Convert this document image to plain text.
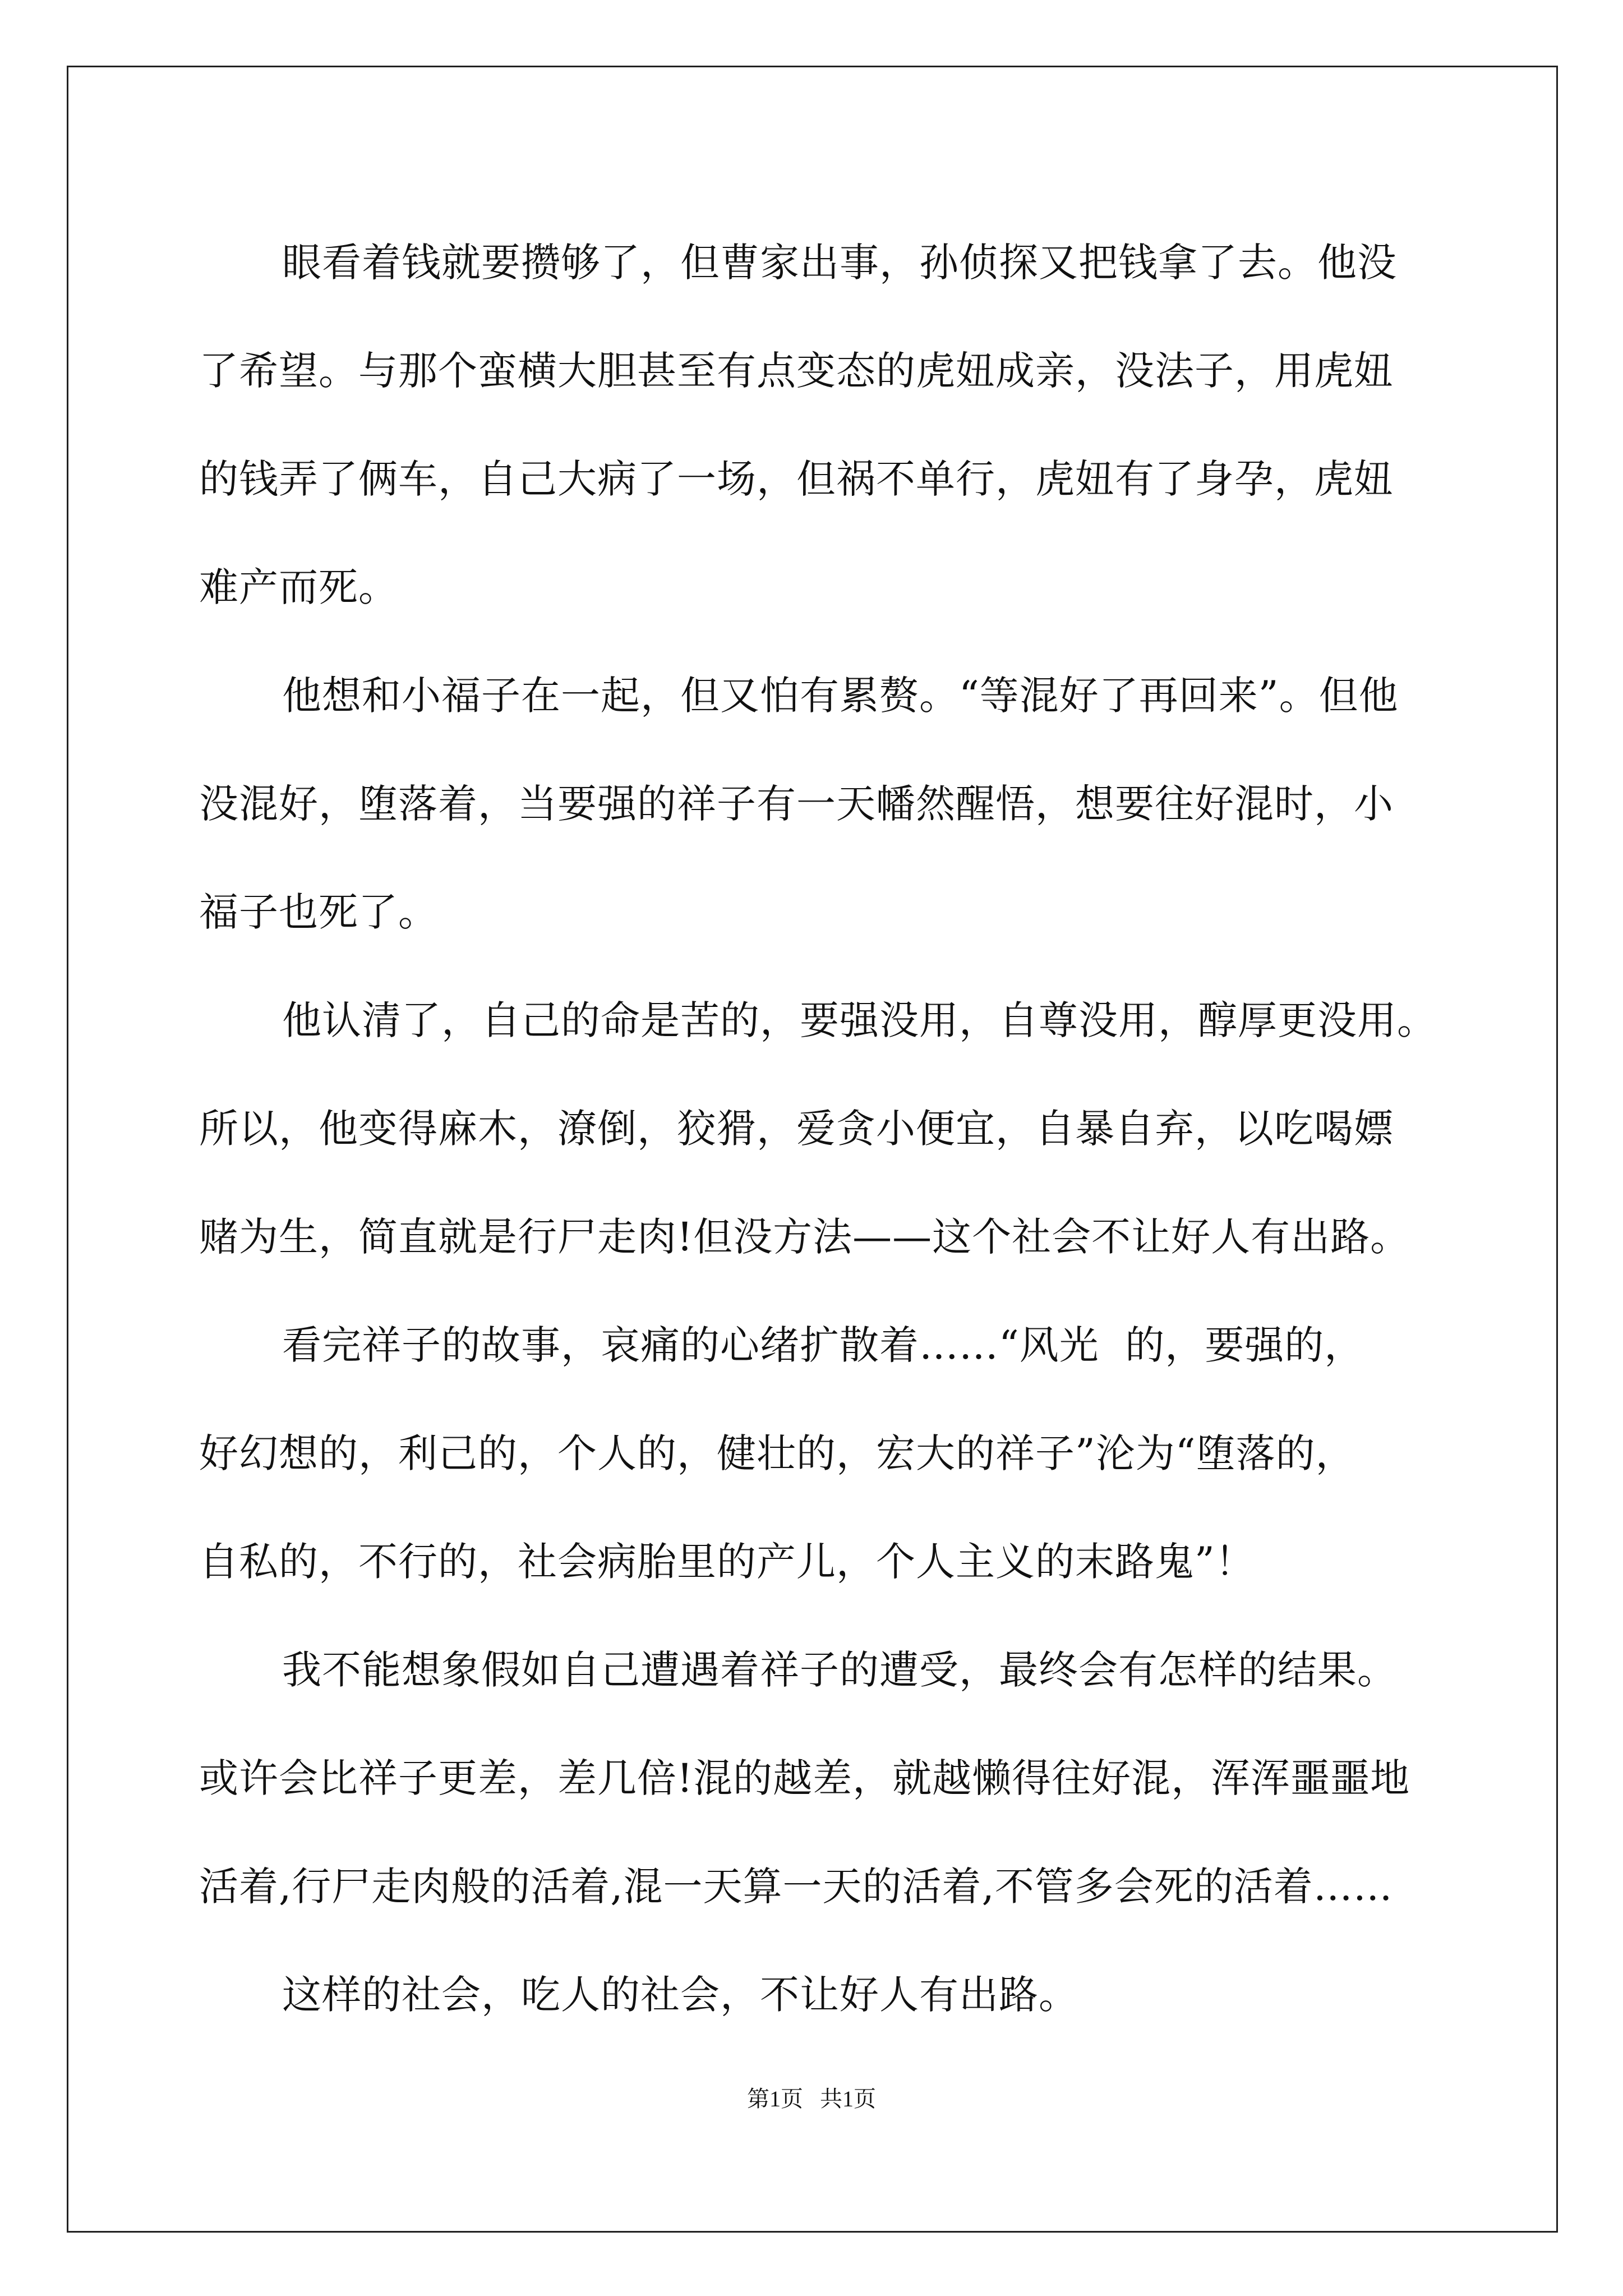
眼看着钱就要攒够了，但曹家出事，孙侦探又把钱拿了去。他没
了希望。与那个蛮横大胆甚至有点变态的虎妞成亲，没法子，用虎妞
的钱弄了俩车，自己大病了一场，但祸不单行，虎妞有了身孕，虎妞
难产而死。

他想和小福子在一起，但又怕有累赘。“等混好了再回来”。但他
没混好，堕落着，当要强的祥子有一天幡然醒悟，想要往好混时，小
福子也死了。

他认清了，自己的命是苦的，要强没用，自尊没用，醇厚更没用。
所以，他变得麻木，潦倒，狡猾，爱贪小便宜，自暴自弃，以吃喝嫖
赌为生，简直就是行尸走肉!但没方法——这个社会不让好人有出路。

看完祥子的故事，哀痛的心绪扩散着……“风光  的，要强的，
好幻想的，利己的，个人的，健壮的，宏大的祥子”沦为“堕落的，
自私的，不行的，社会病胎里的产儿，个人主义的末路鬼”！

我不能想象假如自己遭遇着祥子的遭受，最终会有怎样的结果。
或许会比祥子更差，差几倍!混的越差，就越懒得往好混，浑浑噩噩地
活着,行尸走肉般的活着,混一天算一天的活着,不管多会死的活着……

这样的社会，吃人的社会，不让好人有出路。

第1页   共1页
